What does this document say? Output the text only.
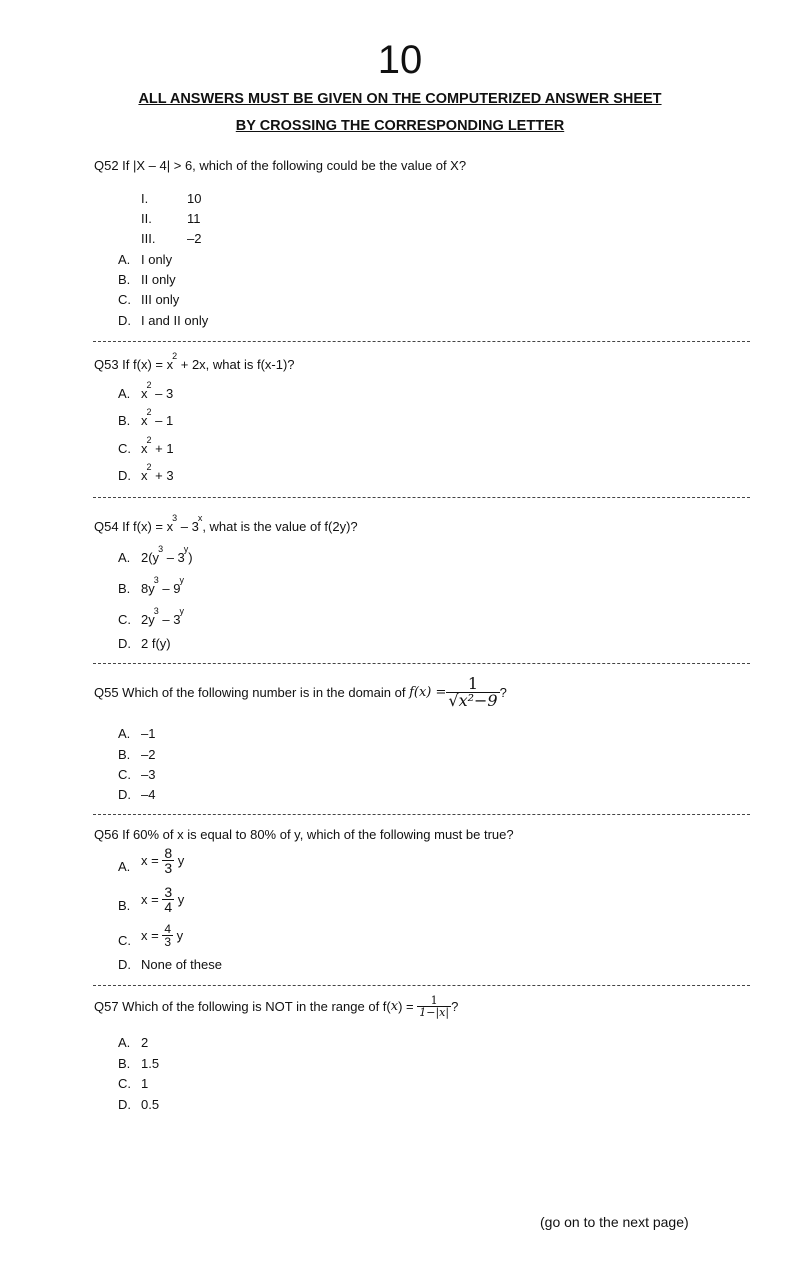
10
ALL ANSWERS MUST BE GIVEN ON THE COMPUTERIZED ANSWER SHEET
BY CROSSING THE CORRESPONDING LETTER
Q52 If |X – 4| > 6, which of the following could be the value of X?
I.	10
II.	11
III. –2
A. I only
B. II only
C. III only
D. I and II only
Q53 If $f(x) = x^2 + 2x$, what is f(x-1)?
A. $x^2 - 3$
B. $x^2 - 1$
C. $x^2 + 1$
D. $x^2 + 3$
Q54 If $f(x) = x^3 - 3^x$, what is the value of f(2y)?
A. $2(y^3 - 3^y)$
B. $8y^3 - 9^y$
C. $2y^3 - 3^y$
D. 2 f(y)
Q55 Which of the following number is in the domain of $f(x) = \frac{1}{\text{√x²−9}}$ ?
A. –1
B. –2
C. –3
D. –4
Q56 If 60% of x is equal to 80% of y, which of the following must be true?
A. $x = \frac{8}{3}$ y
B. $x = \frac{3}{4}$ y
C. $x = \frac{4}{3}$ y
D. None of these
Q57 Which of the following is NOT in the range of $f(x) = \frac{1}{1-|x|}$ ?
A. 2
B. 1.5
C. 1
D. 0.5
(go on to the next page)
